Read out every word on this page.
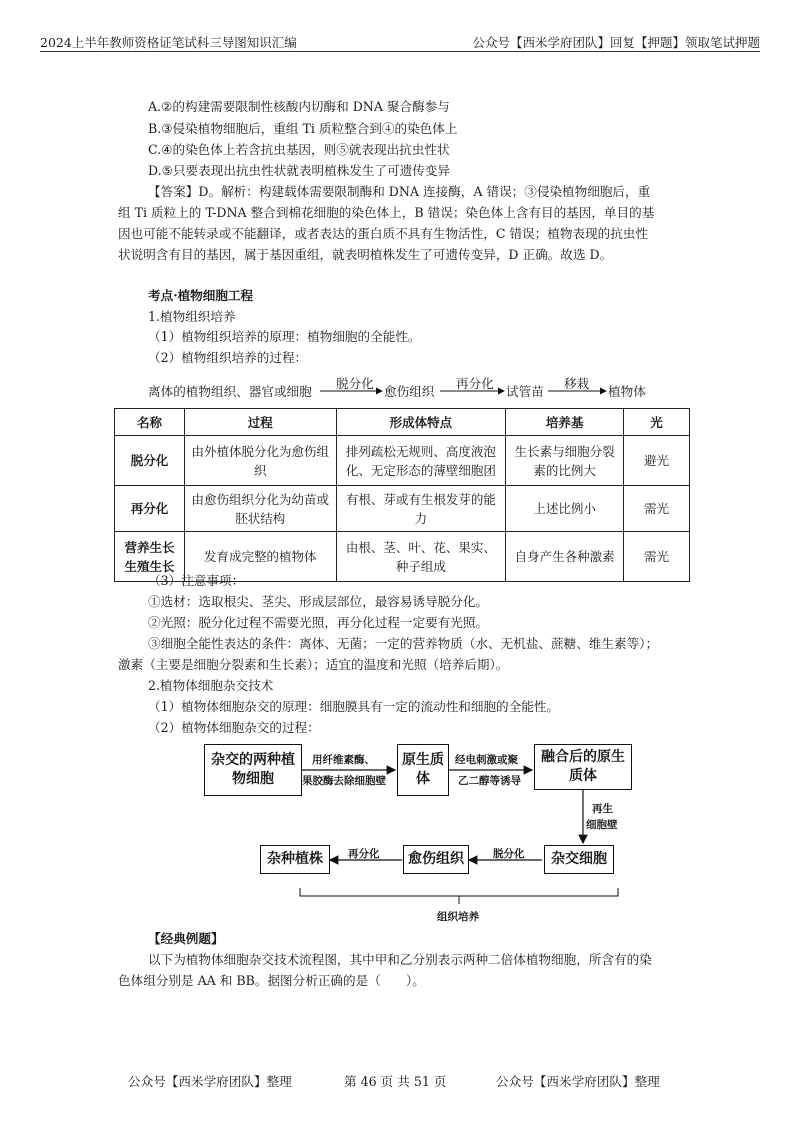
2024上半年教师资格证笔试科三导图知识汇编	公众号【西米学府团队】回复【押题】领取笔试押题
A.②的构建需要限制性核酸内切酶和 DNA 聚合酶参与
B.③侵染植物细胞后，重组 Ti 质粒整合到④的染色体上
C.④的染色体上若含抗虫基因，则⑤就表现出抗虫性状
D.⑤只要表现出抗虫性状就表明植株发生了可遗传变异
【答案】D。解析：构建载体需要限制酶和 DNA 连接酶，A 错误；③侵染植物细胞后，重
组 Ti 质粒上的 T-DNA 整合到棉花细胞的染色体上，B 错误；染色体上含有目的基因，单目的基
因也可能不能转录或不能翻译，或者表达的蛋白质不具有生物活性，C 错误；植物表现的抗虫性
状说明含有目的基因，属于基因重组，就表明植株发生了可遗传变异，D 正确。故选 D。
考点·植物细胞工程
1.植物组织培养
（1）植物组织培养的原理：植物细胞的全能性。
（2）植物组织培养的过程：
离体的植物组织、器官或细胞
脱分化
愈伤组织
再分化
试管苗
移栽
植物体
名称	过程	形成体特点	培养基	光
脱分化	由外植体脱分化为愈伤组织	排列疏松无规则、高度液泡化、无定形态的薄壁细胞团	生长素与细胞分裂素的比例大	避光
再分化	由愈伤组织分化为幼苗或胚状结构	有根、芽或有生根发芽的能力	上述比例小	需光
营养生长生殖生长	发育成完整的植物体	由根、茎、叶、花、果实、种子组成	自身产生各种激素	需光
（3）注意事项：
①选材：选取根尖、茎尖、形成层部位，最容易诱导脱分化。
②光照：脱分化过程不需要光照，再分化过程一定要有光照。
③细胞全能性表达的条件：离体、无菌；一定的营养物质（水、无机盐、蔗糖、维生素等）；
激素（主要是细胞分裂素和生长素）；适宜的温度和光照（培养后期）。
2.植物体细胞杂交技术
（1）植物体细胞杂交的原理：细胞膜具有一定的流动性和细胞的全能性。
（2）植物体细胞杂交的过程：
杂交的两种植物细胞
原生质体
融合后的原生质体
杂交细胞
愈伤组织
杂种植株
用纤维素酶、
果胶酶去除细胞壁
经电刺激或聚
乙二醇等诱导
再生
细胞壁
脱分化
再分化
组织培养
【经典例题】
以下为植物体细胞杂交技术流程图，其中甲和乙分别表示两种二倍体植物细胞，所含有的染
色体组分别是 AA 和 BB。据图分析正确的是（　　）。
公众号【西米学府团队】整理	第 46 页 共 51 页	公众号【西米学府团队】整理
